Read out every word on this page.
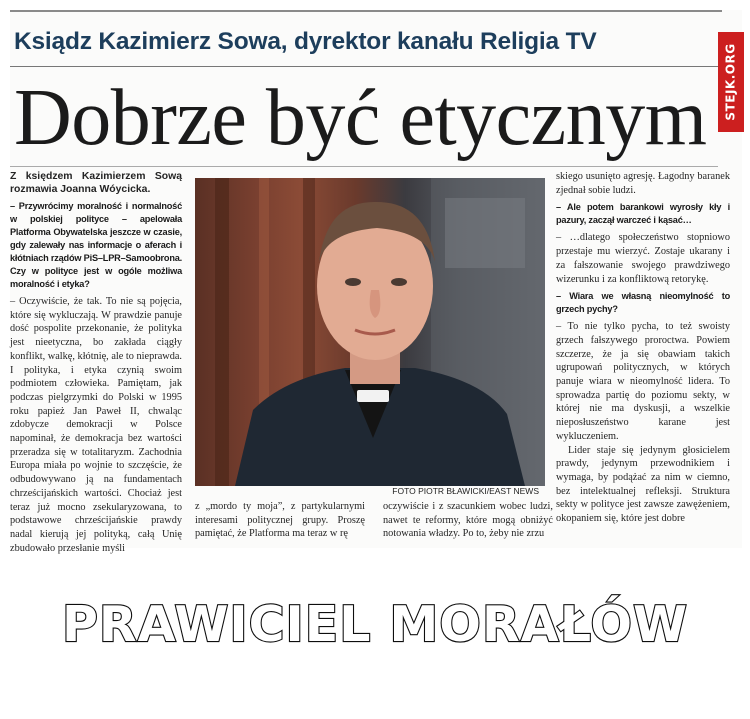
Ksiądz Kazimierz Sowa, dyrektor kanału Religia TV
Dobrze być etycznym

Z księdzem Kazimierzem Sową rozmawia Joanna Wóycicka.

– Przywrócimy moralność i normalność w polskiej polityce – apelowała Platforma Obywatelska jeszcze w czasie, gdy zalewały nas informacje o aferach i kłótniach rządów PiS–LPR–Samoobrona. Czy w polityce jest w ogóle możliwa moralność i etyka?

– Oczywiście, że tak. To nie są pojęcia, które się wykluczają. W prawdzie panuje dość pospolite przekonanie, że polityka jest nieetyczna, bo zakłada ciągły konflikt, walkę, kłótnię, ale to nieprawda. I polityka, i etyka czynią swoim podmiotem człowieka. Pamiętam, jak podczas pielgrzymki do Polski w 1995 roku papież Jan Paweł II, chwaląc zdobycze demokracji w Polsce napominał, że demokracja bez wartości przeradza się w totalitaryzm. Zachodnia Europa miała po wojnie to szczęście, że odbudowywano ją na fundamentach chrześcijańskich wartości. Chociaż jest teraz już mocno zsekularyzowana, to podstawowe chrześcijańskie prawdy nadal kierują jej polityką, całą Unię zbudowało przesłanie myśli

FOTO PIOTR BŁAWICKI/EAST NEWS
z „mordo ty moja”, z partykularnymi interesami politycznej grupy. Proszę pamiętać, że Platforma ma teraz w rę
oczywiście i z szacunkiem wobec ludzi, nawet te reformy, które mogą obniżyć notowania władzy. Po to, żeby nie zrzu

skiego usunięto agresję. Łagodny baranek zjednał sobie ludzi.

– Ale potem barankowi wyrosły kły i pazury, zaczął warczeć i kąsać…

– …dlatego społeczeństwo stopniowo przestaje mu wierzyć. Zostaje ukarany i za fałszowanie swojego prawdziwego wizerunku i za konfliktową retorykę.

– Wiara we własną nieomylność to grzech pychy?

– To nie tylko pycha, to też swoisty grzech fałszywego proroctwa. Powiem szczerze, że ja się obawiam takich ugrupowań politycznych, w których panuje wiara w nieomylność lidera. To sprowadza partię do poziomu sekty, w której nie ma dyskusji, a wszelkie nieposłuszeństwo karane jest wykluczeniem.

Lider staje się jedynym głosicielem prawdy, jedynym przewodnikiem i wymaga, by podążać za nim w ciemno, bez intelektualnej refleksji. Struktura sekty w polityce jest zawsze zawężeniem, okopaniem się, które jest dobre

STEJK.ORG
PRAWICIEL MORAŁÓW
